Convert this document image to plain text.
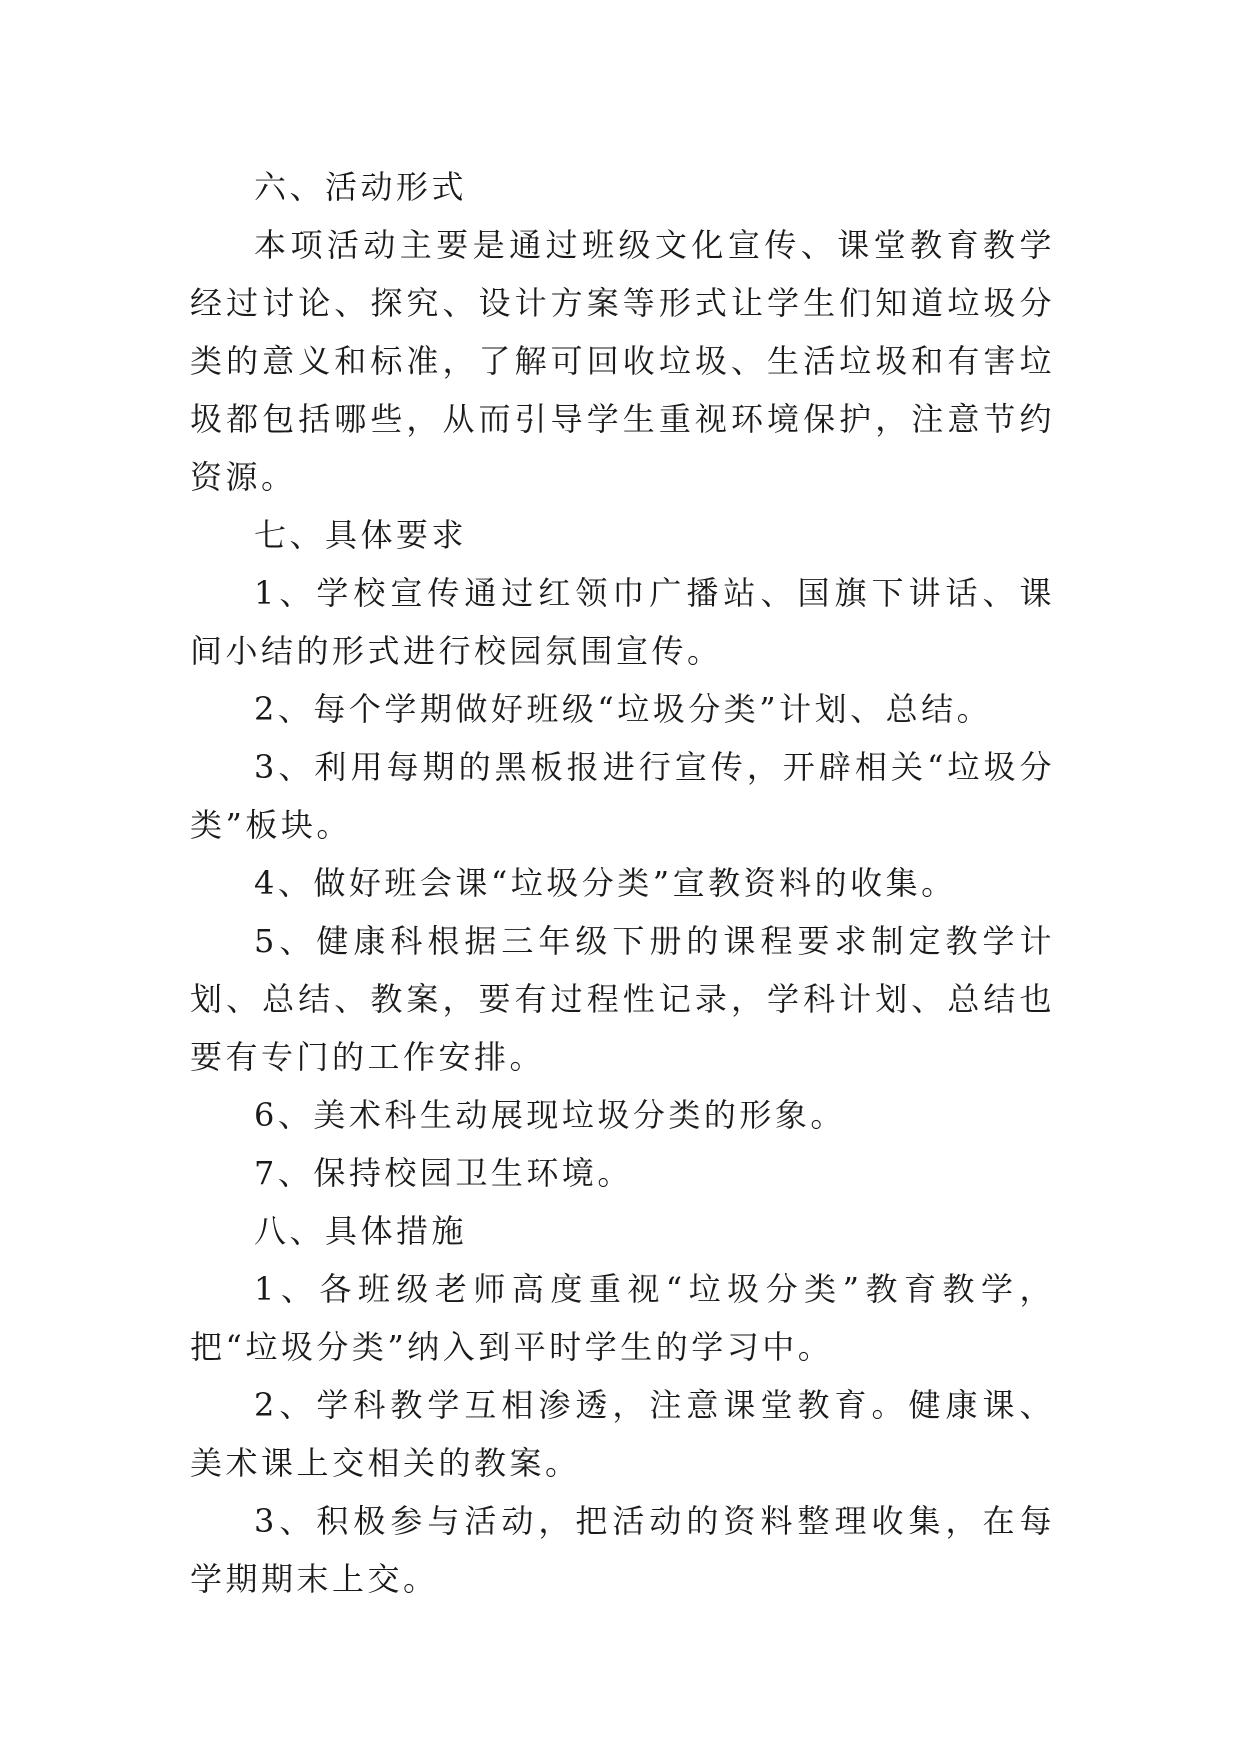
六、活动形式

本项活动主要是通过班级文化宣传、课堂教育教学经过讨论、探究、设计方案等形式让学生们知道垃圾分类的意义和标准，了解可回收垃圾、生活垃圾和有害垃圾都包括哪些，从而引导学生重视环境保护，注意节约资源。

七、具体要求

1、学校宣传通过红领巾广播站、国旗下讲话、课间小结的形式进行校园氛围宣传。

2、每个学期做好班级“垃圾分类”计划、总结。

3、利用每期的黑板报进行宣传，开辟相关“垃圾分类”板块。

4、做好班会课“垃圾分类”宣教资料的收集。

5、健康科根据三年级下册的课程要求制定教学计划、总结、教案，要有过程性记录，学科计划、总结也要有专门的工作安排。

6、美术科生动展现垃圾分类的形象。

7、保持校园卫生环境。

八、具体措施

1、各班级老师高度重视“垃圾分类”教育教学，把“垃圾分类”纳入到平时学生的学习中。

2、学科教学互相渗透，注意课堂教育。健康课、美术课上交相关的教案。

3、积极参与活动，把活动的资料整理收集，在每学期期末上交。
